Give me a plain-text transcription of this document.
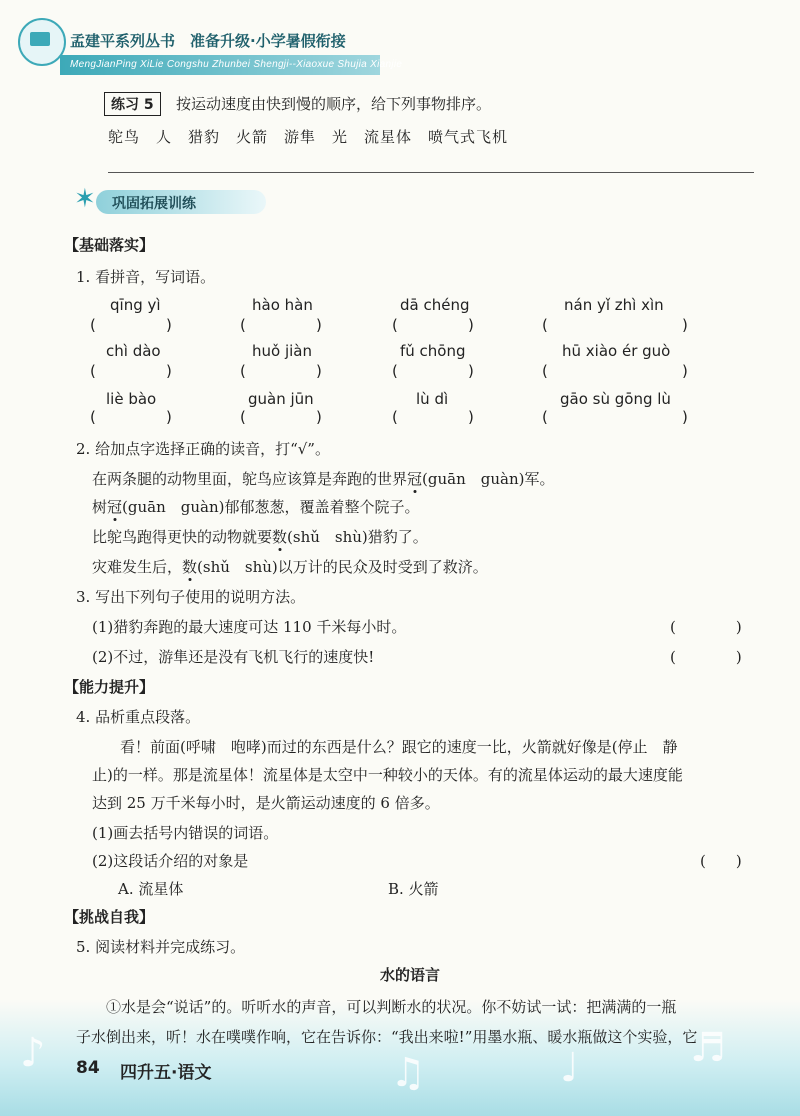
孟建平系列丛书　准备升级·小学暑假衔接
MengJianPing XiLie Congshu Zhunbei Shengji--Xiaoxue Shujia Xianjie
练习 5	按运动速度由快到慢的顺序，给下列事物排序。
鸵鸟　人　猎豹　火箭　游隼　光　流星体　喷气式飞机
✶ 巩固拓展训练
【基础落实】
1. 看拼音，写词语。
qīng yì	hào hàn	dā chéng	nán yǐ zhì xìn
(	)	(	)	(	)	(	)
chì dào	huǒ jiàn	fǔ chōng	hū xiào ér guò
(	)	(	)	(	)	(	)
liè bào	guàn jūn	lù dì	gāo sù gōng lù
(	)	(	)	(	)	(	)
2. 给加点字选择正确的读音，打“√”。
在两条腿的动物里面，鸵鸟应该算是奔跑的世界冠(guān　guàn)军。
树冠(guān　guàn)郁郁葱葱，覆盖着整个院子。
比鸵鸟跑得更快的动物就要数(shǔ　shù)猎豹了。
灾难发生后，数(shǔ　shù)以万计的民众及时受到了救济。
3. 写出下列句子使用的说明方法。
(1)猎豹奔跑的最大速度可达 110 千米每小时。	(　　　　)
(2)不过，游隼还是没有飞机飞行的速度快!	(　　　　)
【能力提升】
4. 品析重点段落。
看！前面(呼啸　咆哮)而过的东西是什么？跟它的速度一比，火箭就好像是(停止　静
止)的一样。那是流星体！流星体是太空中一种较小的天体。有的流星体运动的最大速度能
达到 25 万千米每小时，是火箭运动速度的 6 倍多。
(1)画去括号内错误的词语。
(2)这段话介绍的对象是	(　　)
A. 流星体	B. 火箭
【挑战自我】
5. 阅读材料并完成练习。
♪	♫	♩	♬
水的语言
①水是会“说话”的。听听水的声音，可以判断水的状况。你不妨试一试：把满满的一瓶
子水倒出来，听！水在噗噗作响，它在告诉你：“我出来啦!”用墨水瓶、暖水瓶做这个实验，它
84 四升五·语文
